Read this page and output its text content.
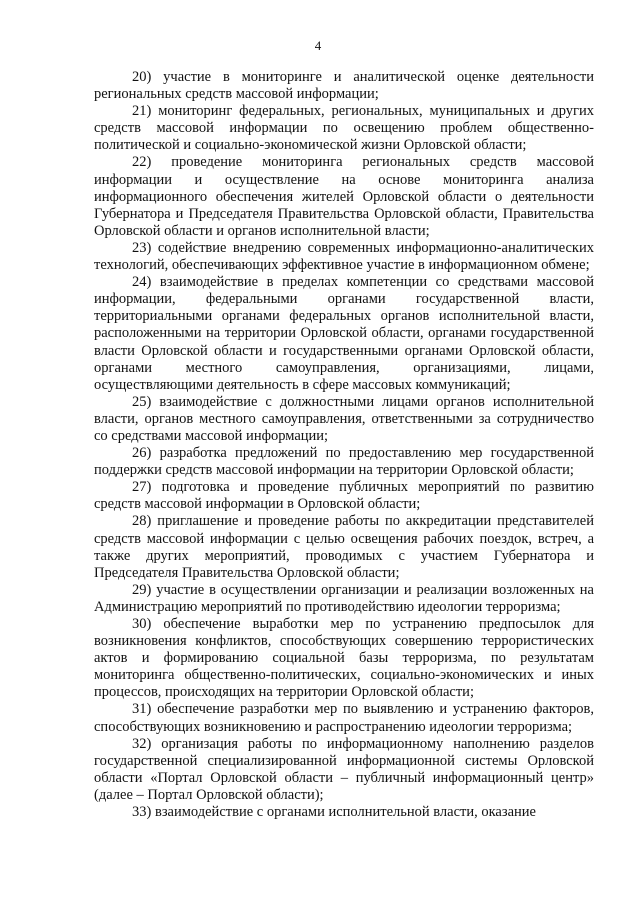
4

20) участие в мониторинге и аналитической оценке деятельности региональных средств массовой информации;

21) мониторинг федеральных, региональных, муниципальных и других средств массовой информации по освещению проблем общественно-политической и социально-экономической жизни Орловской области;

22) проведение мониторинга региональных средств массовой информации и осуществление на основе мониторинга анализа информационного обеспечения жителей Орловской области о деятельности Губернатора и Председателя Правительства Орловской области, Правительства Орловской области и органов исполнительной власти;

23) содействие внедрению современных информационно-аналитических технологий, обеспечивающих эффективное участие в информационном обмене;

24) взаимодействие в пределах компетенции со средствами массовой информации, федеральными органами государственной власти, территориальными органами федеральных органов исполнительной власти, расположенными на территории Орловской области, органами государственной власти Орловской области и государственными органами Орловской области, органами местного самоуправления, организациями, лицами, осуществляющими деятельность в сфере массовых коммуникаций;

25) взаимодействие с должностными лицами органов исполнительной власти, органов местного самоуправления, ответственными за сотрудничество со средствами массовой информации;

26) разработка предложений по предоставлению мер государственной поддержки средств массовой информации на территории Орловской области;

27) подготовка и проведение публичных мероприятий по развитию средств массовой информации в Орловской области;

28) приглашение и проведение работы по аккредитации представителей средств массовой информации с целью освещения рабочих поездок, встреч, а также других мероприятий, проводимых с участием Губернатора и Председателя Правительства Орловской области;

29) участие в осуществлении организации и реализации возложенных на Администрацию мероприятий по противодействию идеологии терроризма;

30) обеспечение выработки мер по устранению предпосылок для возникновения конфликтов, способствующих совершению террористических актов и формированию социальной базы терроризма, по результатам мониторинга общественно-политических, социально-экономических и иных процессов, происходящих на территории Орловской области;

31) обеспечение разработки мер по выявлению и устранению факторов, способствующих возникновению и распространению идеологии терроризма;

32) организация работы по информационному наполнению разделов государственной специализированной информационной системы Орловской области «Портал Орловской области – публичный информационный центр» (далее – Портал Орловской области);

33) взаимодействие с органами исполнительной власти, оказание
